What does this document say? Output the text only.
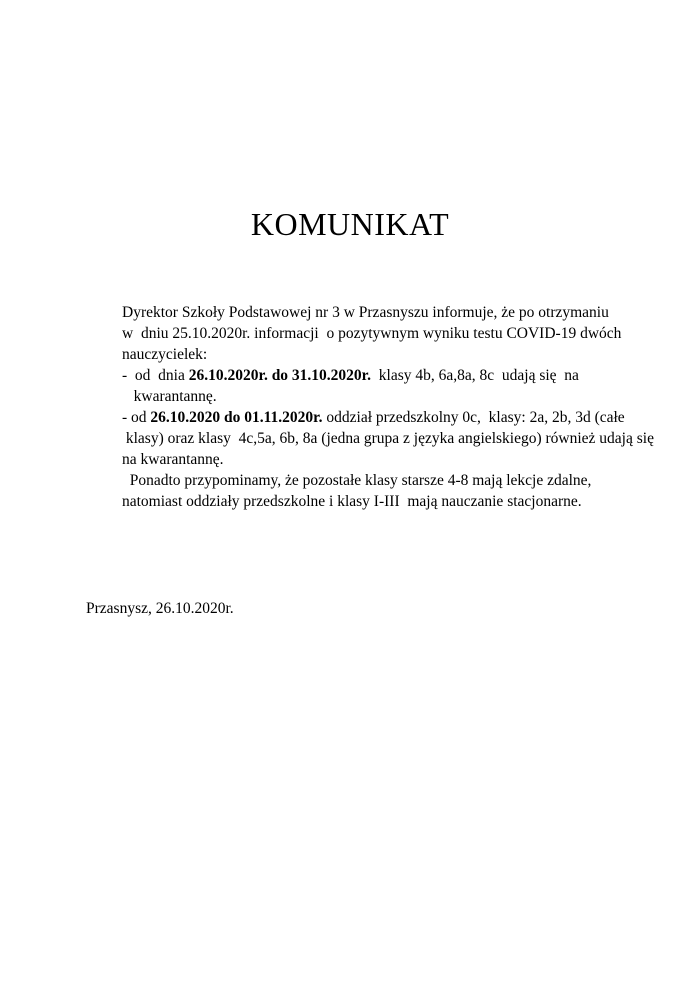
KOMUNIKAT
Dyrektor Szkoły Podstawowej nr 3 w Przasnyszu informuje, że po otrzymaniu
w  dniu 25.10.2020r. informacji  o pozytywnym wyniku testu COVID-19 dwóch
nauczycielek:
-  od  dnia 26.10.2020r. do 31.10.2020r.  klasy 4b, 6a,8a, 8c  udają się  na
kwarantannę.
- od 26.10.2020 do 01.11.2020r. oddział przedszkolny 0c,  klasy: 2a, 2b, 3d (całe
klasy) oraz klasy  4c,5a, 6b, 8a (jedna grupa z języka angielskiego) również udają się
na kwarantannę.
Ponadto przypominamy, że pozostałe klasy starsze 4-8 mają lekcje zdalne,
natomiast oddziały przedszkolne i klasy I-III  mają nauczanie stacjonarne.
Przasnysz, 26.10.2020r.
